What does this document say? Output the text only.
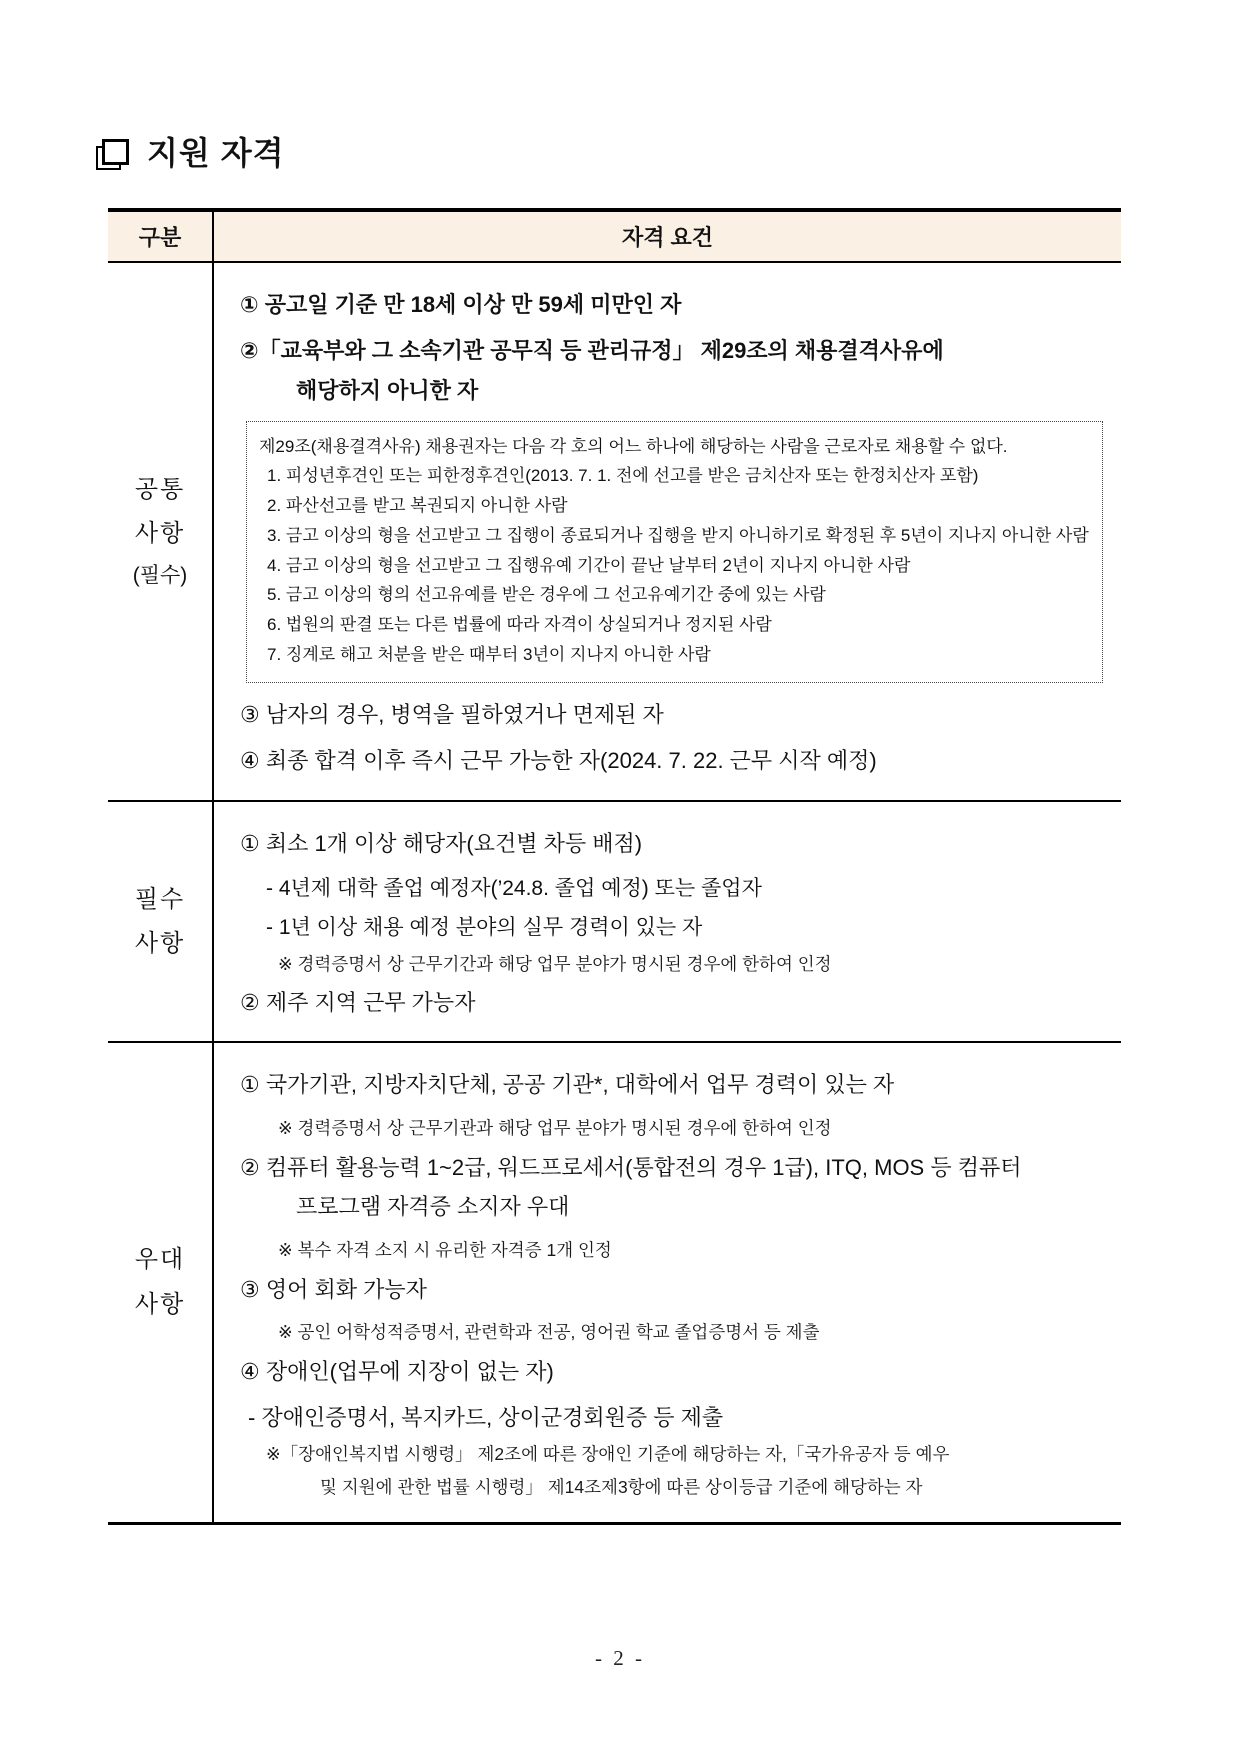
지원 자격
구분	자격 요건
공통
사항
(필수)
① 공고일 기준 만 18세 이상 만 59세 미만인 자
②「교육부와 그 소속기관 공무직 등 관리규정」 제29조의 채용결격사유에
해당하지 아니한 자
제29조(채용결격사유) 채용권자는 다음 각 호의 어느 하나에 해당하는 사람을 근로자로 채용할 수 없다.
1. 피성년후견인 또는 피한정후견인(2013. 7. 1. 전에 선고를 받은 금치산자 또는 한정치산자 포함)
2. 파산선고를 받고 복권되지 아니한 사람
3. 금고 이상의 형을 선고받고 그 집행이 종료되거나 집행을 받지 아니하기로 확정된 후 5년이 지나지 아니한 사람
4. 금고 이상의 형을 선고받고 그 집행유예 기간이 끝난 날부터 2년이 지나지 아니한 사람
5. 금고 이상의 형의 선고유예를 받은 경우에 그 선고유예기간 중에 있는 사람
6. 법원의 판결 또는 다른 법률에 따라 자격이 상실되거나 정지된 사람
7. 징계로 해고 처분을 받은 때부터 3년이 지나지 아니한 사람
③ 남자의 경우, 병역을 필하였거나 면제된 자
④ 최종 합격 이후 즉시 근무 가능한 자(2024. 7. 22. 근무 시작 예정)
필수
사항
① 최소 1개 이상 해당자(요건별 차등 배점)
- 4년제 대학 졸업 예정자(’24.8. 졸업 예정) 또는 졸업자
- 1년 이상 채용 예정 분야의 실무 경력이 있는 자
※ 경력증명서 상 근무기간과 해당 업무 분야가 명시된 경우에 한하여 인정
② 제주 지역 근무 가능자
우대
사항
① 국가기관, 지방자치단체, 공공 기관*, 대학에서 업무 경력이 있는 자
※ 경력증명서 상 근무기관과 해당 업무 분야가 명시된 경우에 한하여 인정
② 컴퓨터 활용능력 1~2급, 워드프로세서(통합전의 경우 1급), ITQ, MOS 등 컴퓨터
프로그램 자격증 소지자 우대
※ 복수 자격 소지 시 유리한 자격증 1개 인정
③ 영어 회화 가능자
※ 공인 어학성적증명서, 관련학과 전공, 영어권 학교 졸업증명서 등 제출
④ 장애인(업무에 지장이 없는 자)
- 장애인증명서, 복지카드, 상이군경회원증 등 제출
※「장애인복지법 시행령」 제2조에 따른 장애인 기준에 해당하는 자,「국가유공자 등 예우
및 지원에 관한 법률 시행령」 제14조제3항에 따른 상이등급 기준에 해당하는 자
- 2 -
